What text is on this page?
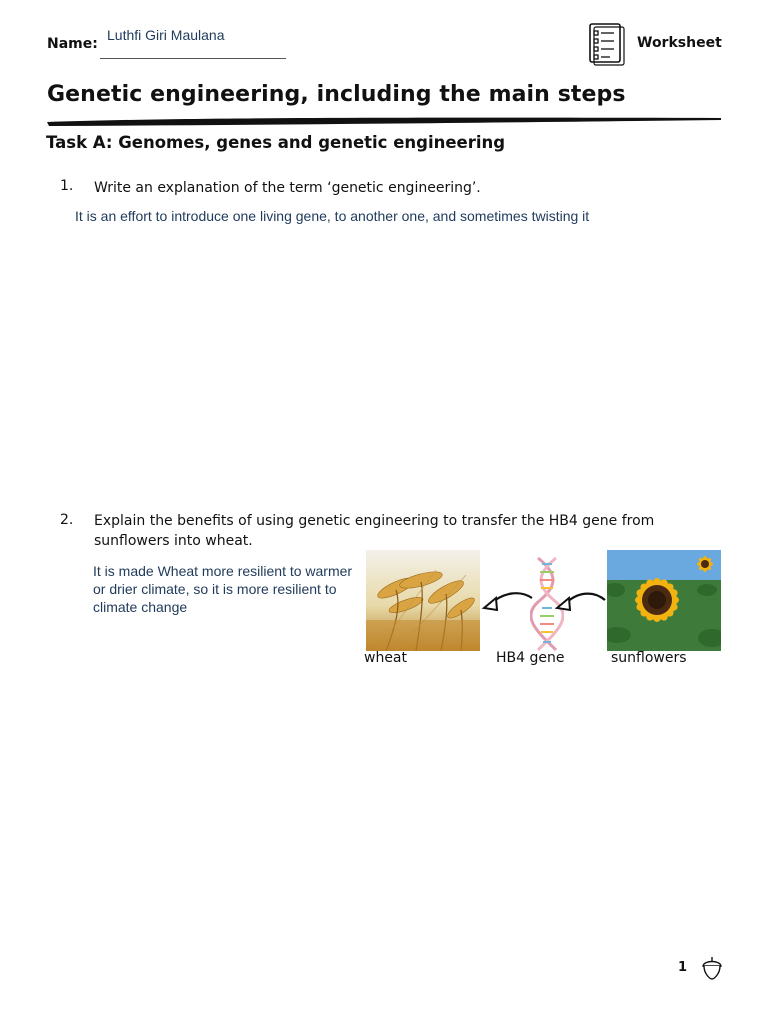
Name:
Luthfi Giri Maulana	Worksheet
Genetic engineering, including the main steps
Task A: Genomes, genes and genetic engineering
1. Write an explanation of the term ‘genetic engineering’.
It is an effort to introduce one living gene, to another one, and sometimes twisting it
2. Explain the benefits of using genetic engineering to transfer the HB4 gene from sunflowers into wheat.
It is made Wheat more resilient to warmer or drier climate, so it is more resilient to climate change
wheat	HB4 gene	sunflowers
1
